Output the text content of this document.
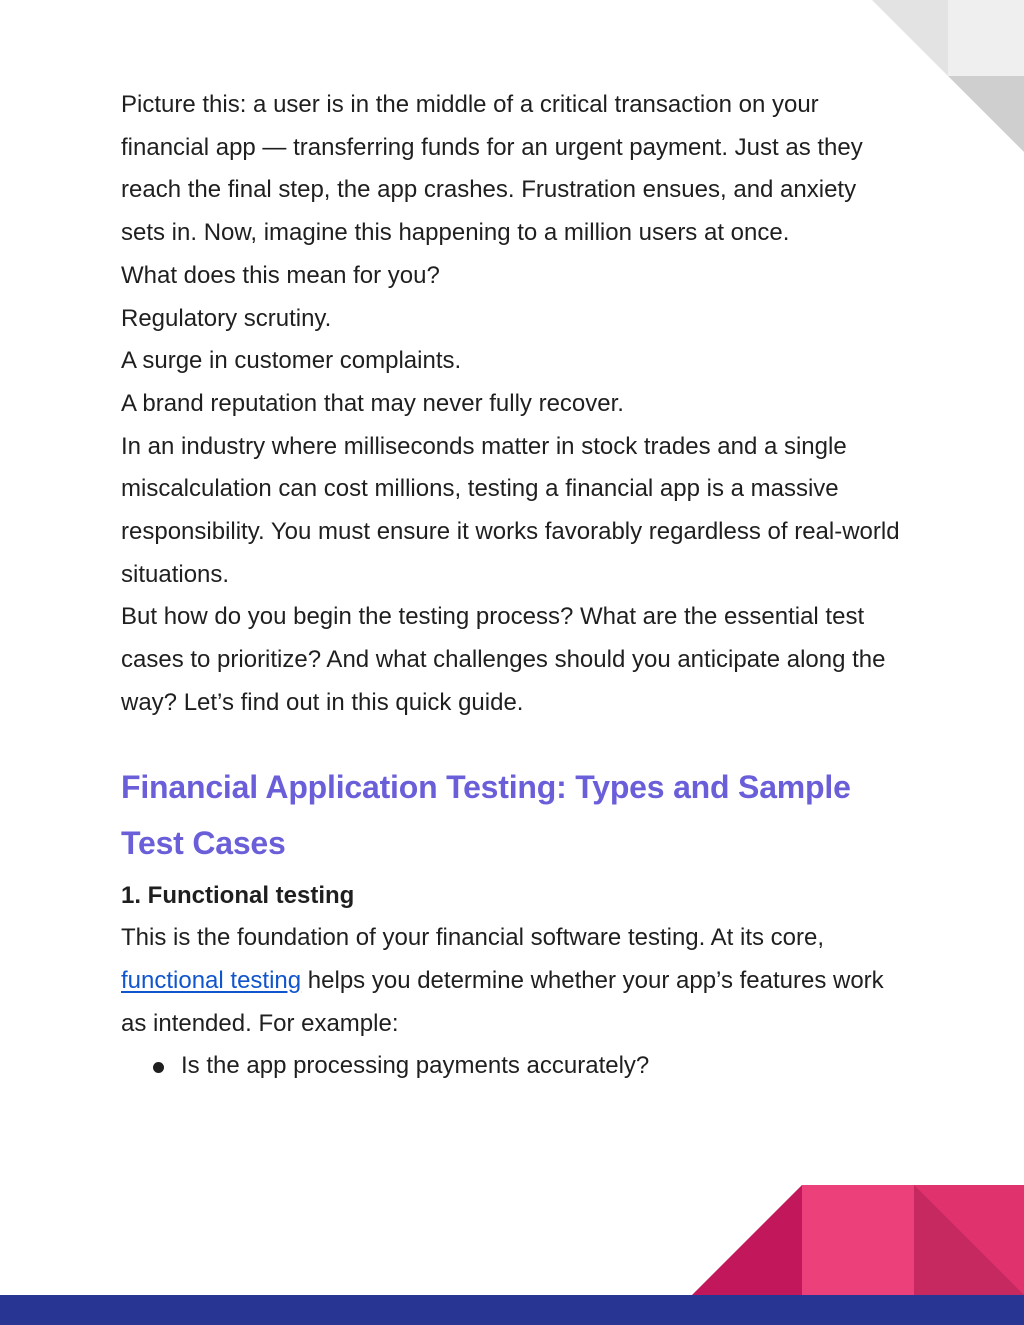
Picture this: a user is in the middle of a critical transaction on your financial app — transferring funds for an urgent payment. Just as they reach the final step, the app crashes. Frustration ensues, and anxiety sets in. Now, imagine this happening to a million users at once.

What does this mean for you?

Regulatory scrutiny.

A surge in customer complaints.

A brand reputation that may never fully recover.

In an industry where milliseconds matter in stock trades and a single miscalculation can cost millions, testing a financial app is a massive responsibility. You must ensure it works favorably regardless of real-world situations.

But how do you begin the testing process? What are the essential test cases to prioritize? And what challenges should you anticipate along the way? Let’s find out in this quick guide.

Financial Application Testing: Types and Sample Test Cases
1. Functional testing

This is the foundation of your financial software testing. At its core, functional testing helps you determine whether your app’s features work as intended. For example:

Is the app processing payments accurately?
